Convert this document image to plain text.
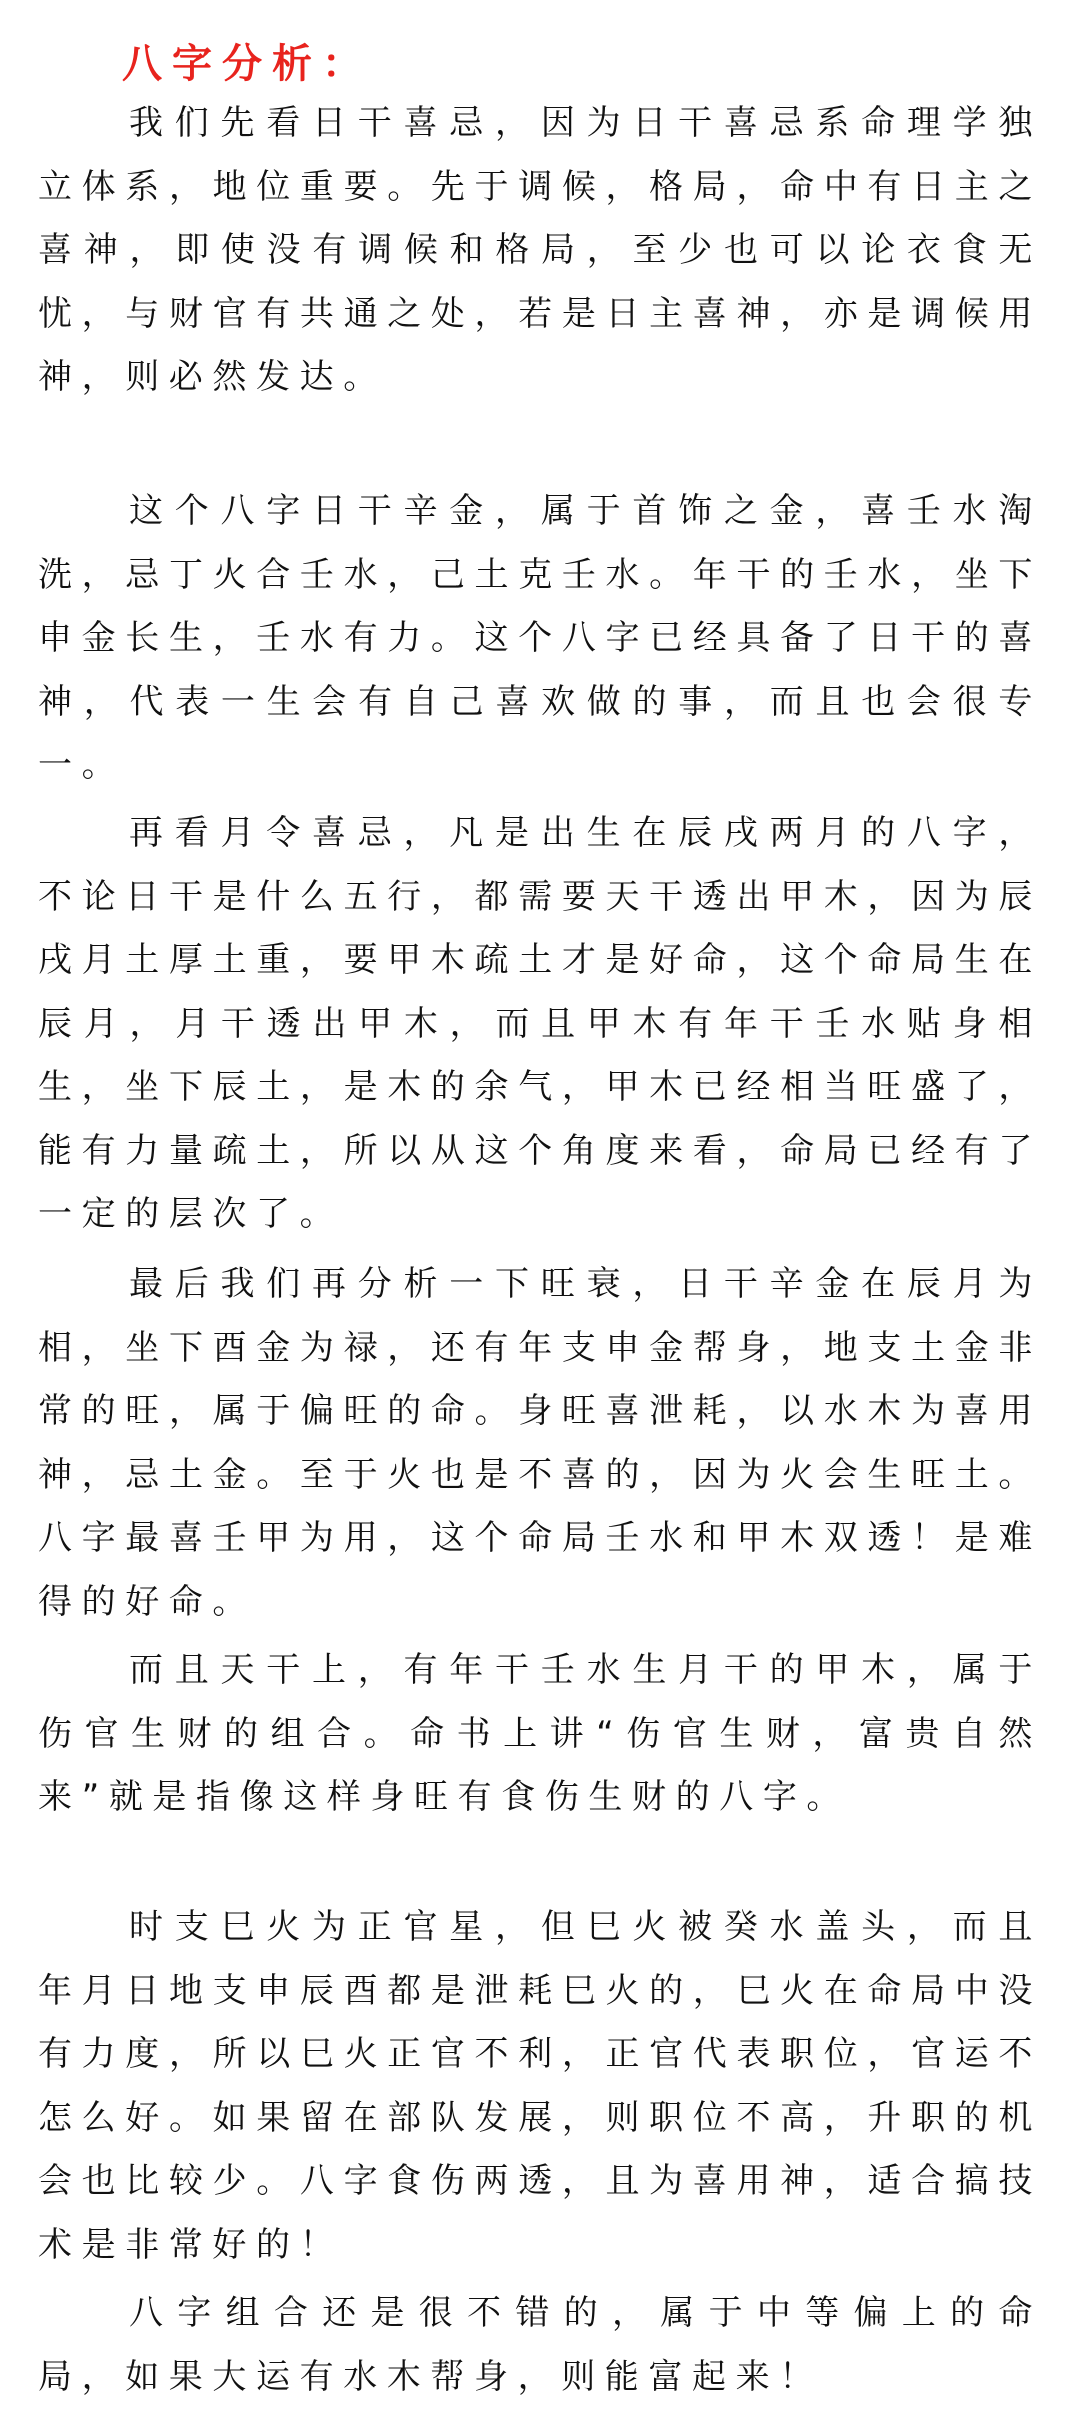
八字分析：

我们先看日干喜忌，因为日干喜忌系命理学独立体系，地位重要。先于调候，格局，命中有日主之喜神，即使没有调候和格局，至少也可以论衣食无忧，与财官有共通之处，若是日主喜神，亦是调候用神，则必然发达。

这个八字日干辛金，属于首饰之金，喜壬水淘洗，忌丁火合壬水，己土克壬水。年干的壬水，坐下申金长生，壬水有力。这个八字已经具备了日干的喜神，代表一生会有自己喜欢做的事，而且也会很专一。

再看月令喜忌，凡是出生在辰戌两月的八字，不论日干是什么五行，都需要天干透出甲木，因为辰戌月土厚土重，要甲木疏土才是好命，这个命局生在辰月，月干透出甲木，而且甲木有年干壬水贴身相生，坐下辰土，是木的余气，甲木已经相当旺盛了，能有力量疏土，所以从这个角度来看，命局已经有了一定的层次了。

最后我们再分析一下旺衰，日干辛金在辰月为相，坐下酉金为禄，还有年支申金帮身，地支土金非常的旺，属于偏旺的命。身旺喜泄耗，以水木为喜用神，忌土金。至于火也是不喜的，因为火会生旺土。八字最喜壬甲为用，这个命局壬水和甲木双透！是难得的好命。

而且天干上，有年干壬水生月干的甲木，属于伤官生财的组合。命书上讲“伤官生财，富贵自然来”就是指像这样身旺有食伤生财的八字。

时支巳火为正官星，但巳火被癸水盖头，而且年月日地支申辰酉都是泄耗巳火的，巳火在命局中没有力度，所以巳火正官不利，正官代表职位，官运不怎么好。如果留在部队发展，则职位不高，升职的机会也比较少。八字食伤两透，且为喜用神，适合搞技术是非常好的！

八字组合还是很不错的，属于中等偏上的命局，如果大运有水木帮身，则能富起来！
